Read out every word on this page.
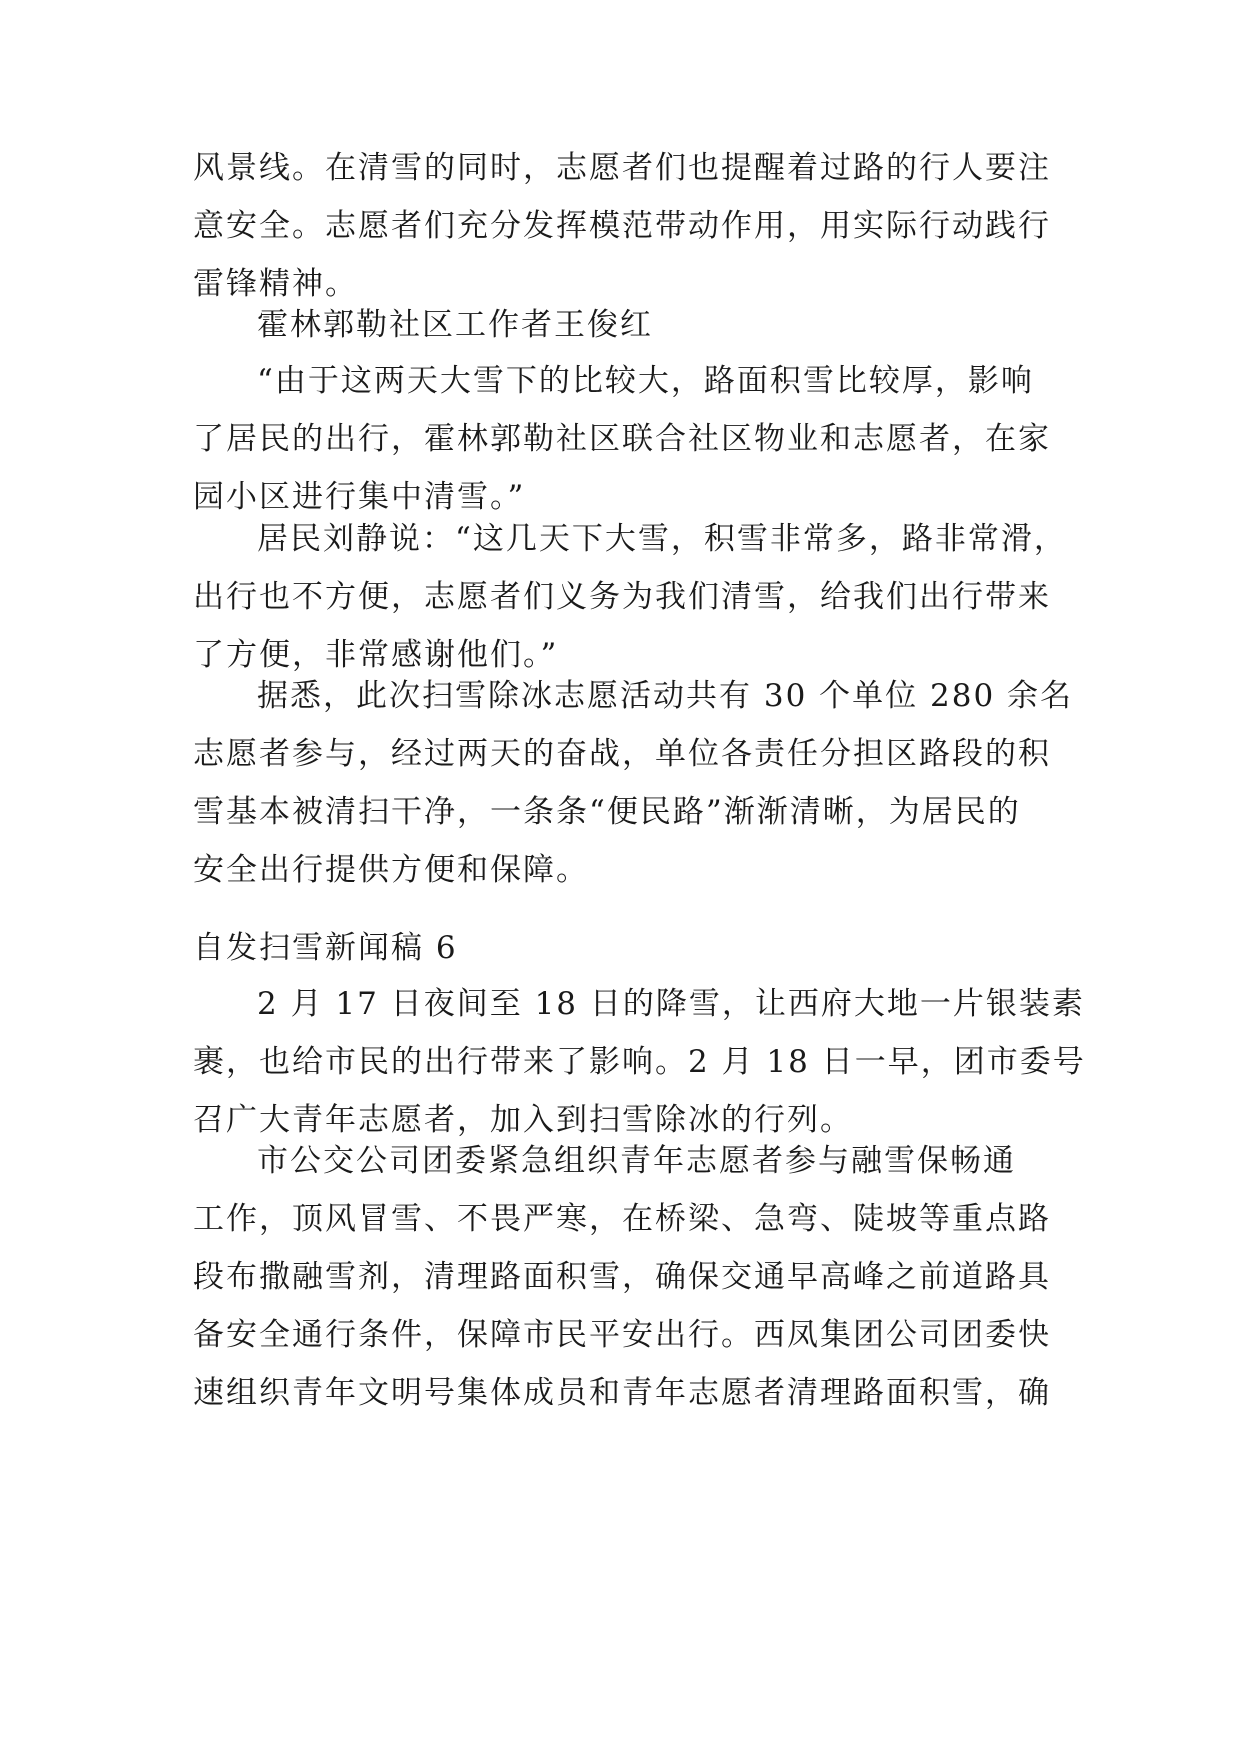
风景线。在清雪的同时，志愿者们也提醒着过路的行人要注
意安全。志愿者们充分发挥模范带动作用，用实际行动践行
雷锋精神。
霍林郭勒社区工作者王俊红
“由于这两天大雪下的比较大，路面积雪比较厚，影响
了居民的出行，霍林郭勒社区联合社区物业和志愿者，在家
园小区进行集中清雪。”
居民刘静说：“这几天下大雪，积雪非常多，路非常滑，
出行也不方便，志愿者们义务为我们清雪，给我们出行带来
了方便，非常感谢他们。”
据悉，此次扫雪除冰志愿活动共有 30 个单位 280 余名
志愿者参与，经过两天的奋战，单位各责任分担区路段的积
雪基本被清扫干净，一条条“便民路”渐渐清晰，为居民的
安全出行提供方便和保障。
自发扫雪新闻稿 6
2 月 17 日夜间至 18 日的降雪，让西府大地一片银装素
裹，也给市民的出行带来了影响。2 月 18 日一早，团市委号
召广大青年志愿者，加入到扫雪除冰的行列。
市公交公司团委紧急组织青年志愿者参与融雪保畅通
工作，顶风冒雪、不畏严寒，在桥梁、急弯、陡坡等重点路
段布撒融雪剂，清理路面积雪，确保交通早高峰之前道路具
备安全通行条件，保障市民平安出行。西凤集团公司团委快
速组织青年文明号集体成员和青年志愿者清理路面积雪，确
